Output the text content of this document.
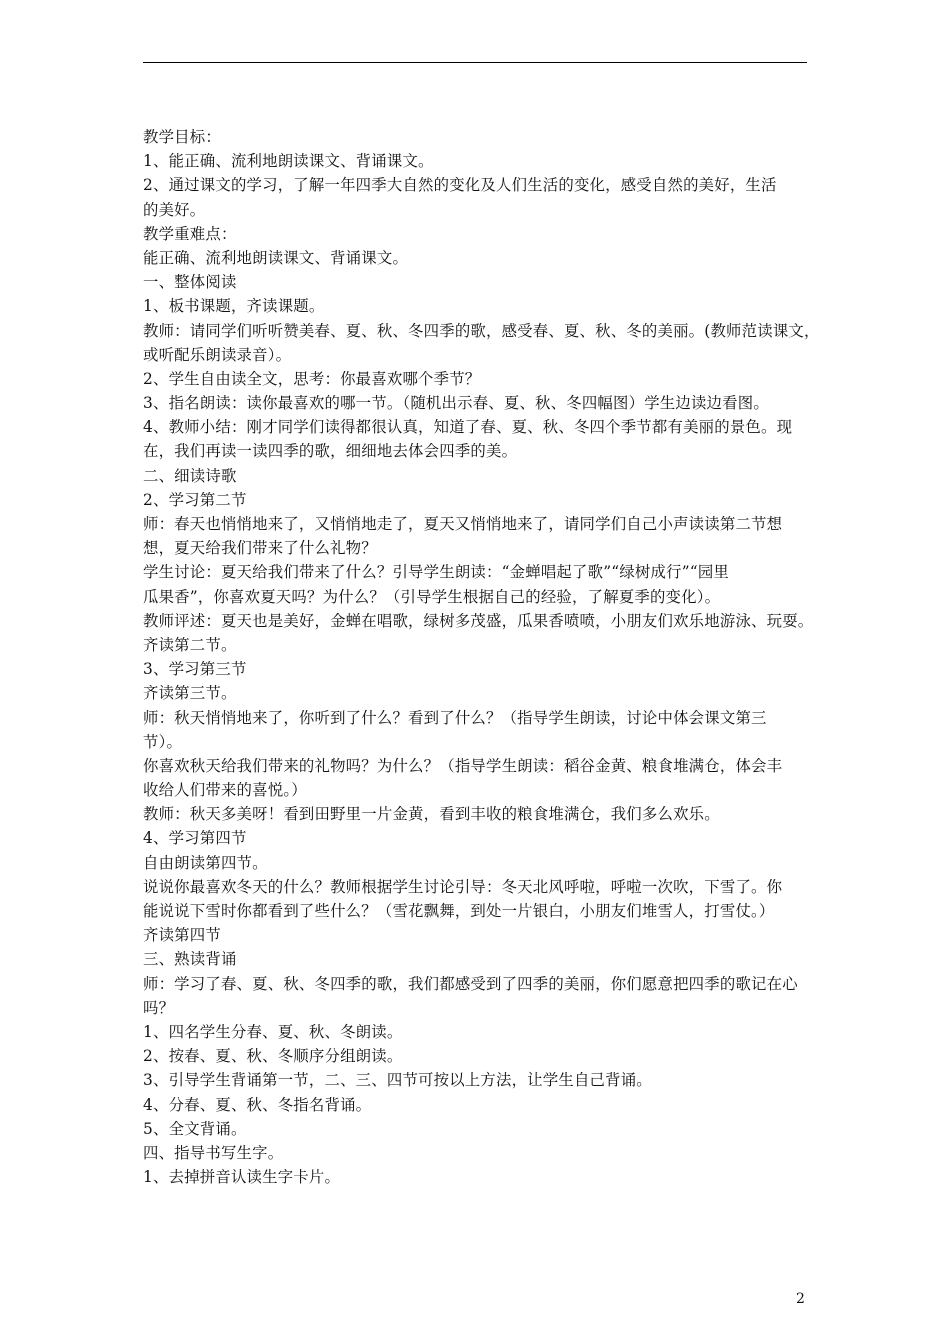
教学目标：
1、能正确、流利地朗读课文、背诵课文。
2、通过课文的学习，了解一年四季大自然的变化及人们生活的变化，感受自然的美好，生活
的美好。
教学重难点：
能正确、流利地朗读课文、背诵课文。
一、整体阅读
1、板书课题，齐读课题。
教师：请同学们听听赞美春、夏、秋、冬四季的歌，感受春、夏、秋、冬的美丽。(教师范读课文，
或听配乐朗读录音）。
2、学生自由读全文，思考：你最喜欢哪个季节？
3、指名朗读：读你最喜欢的哪一节。（随机出示春、夏、秋、冬四幅图）学生边读边看图。
4、教师小结：刚才同学们读得都很认真，知道了春、夏、秋、冬四个季节都有美丽的景色。现
在，我们再读一读四季的歌，细细地去体会四季的美。
二、细读诗歌
2、学习第二节
师：春天也悄悄地来了，又悄悄地走了，夏天又悄悄地来了，请同学们自己小声读读第二节想
想，夏天给我们带来了什么礼物？
学生讨论：夏天给我们带来了什么？引导学生朗读：“金蝉唱起了歌”“绿树成行”“园里
瓜果香”，你喜欢夏天吗？为什么？（引导学生根据自己的经验，了解夏季的变化）。
教师评述：夏天也是美好，金蝉在唱歌，绿树多茂盛，瓜果香喷喷，小朋友们欢乐地游泳、玩耍。
齐读第二节。
3、学习第三节
齐读第三节。
师：秋天悄悄地来了，你听到了什么？看到了什么？（指导学生朗读，讨论中体会课文第三
节）。
你喜欢秋天给我们带来的礼物吗？为什么？（指导学生朗读：稻谷金黄、粮食堆满仓，体会丰
收给人们带来的喜悦。）
教师：秋天多美呀！看到田野里一片金黄，看到丰收的粮食堆满仓，我们多么欢乐。
4、学习第四节
自由朗读第四节。
说说你最喜欢冬天的什么？教师根据学生讨论引导：冬天北风呼啦，呼啦一次吹，下雪了。你
能说说下雪时你都看到了些什么？（雪花飘舞，到处一片银白，小朋友们堆雪人，打雪仗。）
齐读第四节
三、熟读背诵
师：学习了春、夏、秋、冬四季的歌，我们都感受到了四季的美丽，你们愿意把四季的歌记在心
吗？
1、四名学生分春、夏、秋、冬朗读。
2、按春、夏、秋、冬顺序分组朗读。
3、引导学生背诵第一节，二、三、四节可按以上方法，让学生自己背诵。
4、分春、夏、秋、冬指名背诵。
5、全文背诵。
四、指导书写生字。
1、去掉拼音认读生字卡片。
2
